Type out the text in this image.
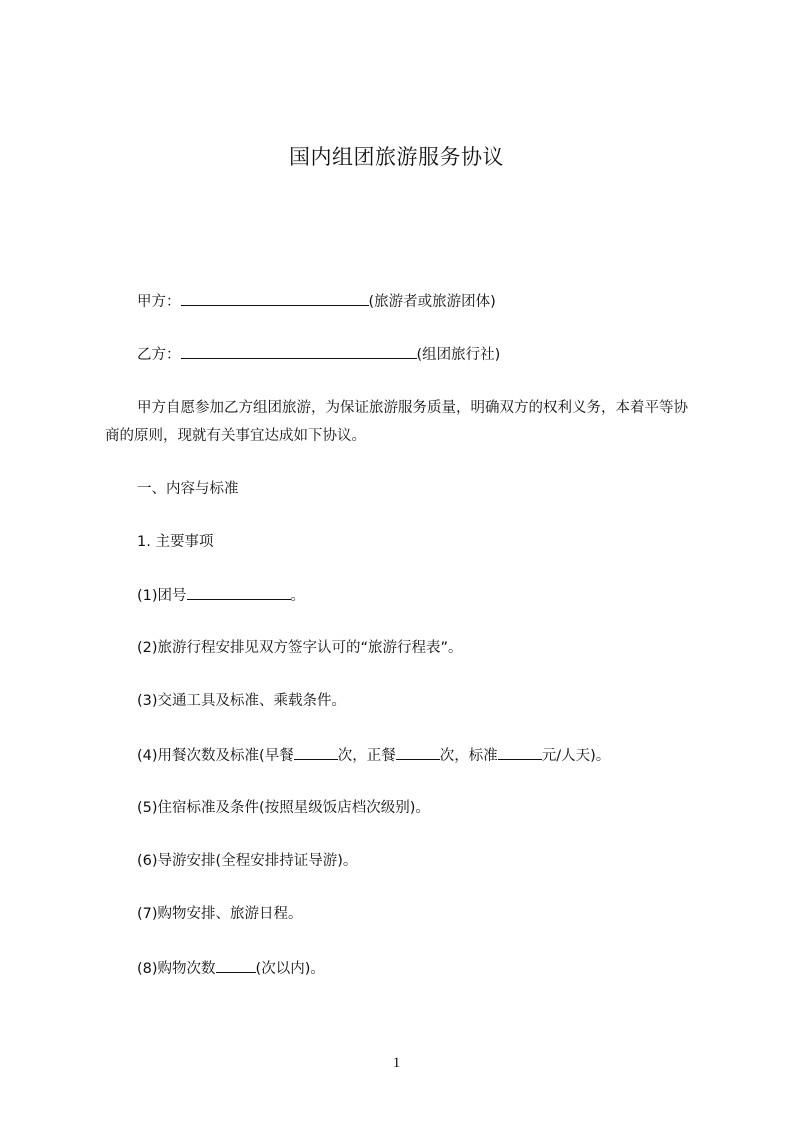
国内组团旅游服务协议
甲方：	(旅游者或旅游团体)
乙方：	(组团旅行社)
甲方自愿参加乙方组团旅游，为保证旅游服务质量，明确双方的权利义务，本着平等协商的原则，现就有关事宜达成如下协议。
一、内容与标准
1. 主要事项
(1)团号	。
(2)旅游行程安排见双方签字认可的“旅游行程表”。
(3)交通工具及标准、乘载条件。
(4)用餐次数及标准(早餐	次，正餐	次，标准	元/人天)。
(5)住宿标准及条件(按照星级饭店档次级别)。
(6)导游安排(全程安排持证导游)。
(7)购物安排、旅游日程。
(8)购物次数	(次以内)。
1
